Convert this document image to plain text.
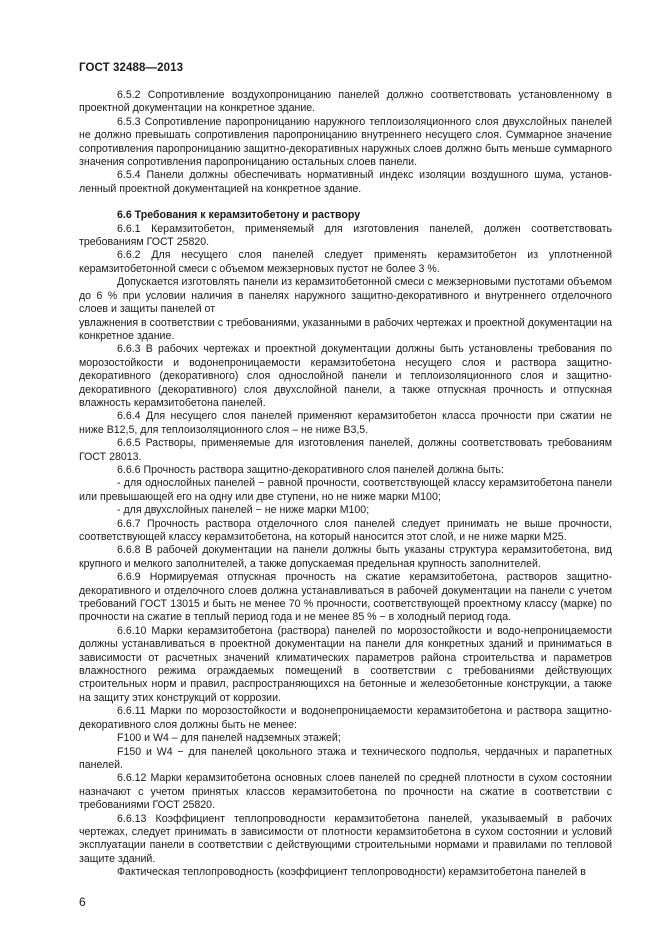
ГОСТ 32488—2013

6.5.2 Сопротивление воздухопроницанию панелей должно соответствовать установленному в проектной документации на конкретное здание.

6.5.3 Сопротивление паропроницанию наружного теплоизоляционного слоя двухслойных панелей не должно превышать сопротивления паропроницанию внутреннего несущего слоя. Суммарное значение сопротивления паропроницанию защитно-декоративных наружных слоев должно быть меньше суммарного значения сопротивления паропроницанию остальных слоев панели.

6.5.4 Панели должны обеспечивать нормативный индекс изоляции воздушного шума, установ-ленный проектной документацией на конкретное здание.

6.6 Требования к керамзитобетону и раствору

6.6.1 Керамзитобетон, применяемый для изготовления панелей, должен соответствовать требованиям ГОСТ 25820.

6.6.2 Для несущего слоя панелей следует применять керамзитобетон из уплотненной керамзитобетонной смеси с объемом межзерновых пустот не более 3 %.

Допускается изготовлять панели из керамзитобетонной смеси с межзерновыми пустотами объемом до 6 % при условии наличия в панелях наружного защитно-декоративного и внутреннего отделочного слоев и защиты панелей от

увлажнения в соответствии с требованиями, указанными в рабочих чертежах и проектной документации на конкретное здание.

6.6.3 В рабочих чертежах и проектной документации должны быть установлены требования по морозостойкости и водонепроницаемости керамзитобетона несущего слоя и раствора защитно-декоративного (декоративного) слоя однослойной панели и теплоизоляционного слоя и защитно-декоративного (декоративного) слоя двухслойной панели, а также отпускная прочность и отпускная влажность керамзитобетона панелей.

6.6.4 Для несущего слоя панелей применяют керамзитобетон класса прочности при сжатии не ниже В12,5, для теплоизоляционного слоя – не ниже В3,5.

6.6.5 Растворы, применяемые для изготовления панелей, должны соответствовать требованиям ГОСТ 28013.

6.6.6 Прочность раствора защитно-декоративного слоя панелей должна быть:

- для однослойных панелей − равной прочности, соответствующей классу керамзитобетона панели или превышающей его на одну или две ступени, но не ниже марки М100;

- для двухслойных панелей − не ниже марки М100;

6.6.7 Прочность раствора отделочного слоя панелей следует принимать не выше прочности, соответствующей классу керамзитобетона, на который наносится этот слой, и не ниже марки М25.

6.6.8 В рабочей документации на панели должны быть указаны структура керамзитобетона, вид крупного и мелкого заполнителей, а также допускаемая предельная крупность заполнителей.

6.6.9 Нормируемая отпускная прочность на сжатие керамзитобетона, растворов защитно-декоративного и отделочного слоев должна устанавливаться в рабочей документации на панели с учетом требований ГОСТ 13015 и быть не менее 70 % прочности, соответствующей проектному классу (марке) по прочности на сжатие в теплый период года и не менее 85 % − в холодный период года.

6.6.10 Марки керамзитобетона (раствора) панелей по морозостойкости и водо-непроницаемости должны устанавливаться в проектной документации на панели для конкретных зданий и приниматься в зависимости от расчетных значений климатических параметров района строительства и параметров влажностного режима ограждаемых помещений в соответствии с требованиями действующих строительных норм и правил, распространяющихся на бетонные и железобетонные конструкции, а также на защиту этих конструкций от коррозии.

6.6.11 Марки по морозостойкости и водонепроницаемости керамзитобетона и раствора защитно-декоративного слоя должны быть не менее:

F100 и W4 – для панелей надземных этажей;

F150 и W4 − для панелей цокольного этажа и технического подполья, чердачных и парапетных панелей.

6.6.12 Марки керамзитобетона основных слоев панелей по средней плотности в сухом состоянии назначают с учетом принятых классов керамзитобетона по прочности на сжатие в соответствии с требованиями ГОСТ 25820.

6.6.13 Коэффициент теплопроводности керамзитобетона панелей, указываемый в рабочих чертежах, следует принимать в зависимости от плотности керамзитобетона в сухом состоянии и условий эксплуатации панели в соответствии с действующими строительными нормами и правилами по тепловой защите зданий.

Фактическая теплопроводность (коэффициент теплопроводности) керамзитобетона панелей в

6
